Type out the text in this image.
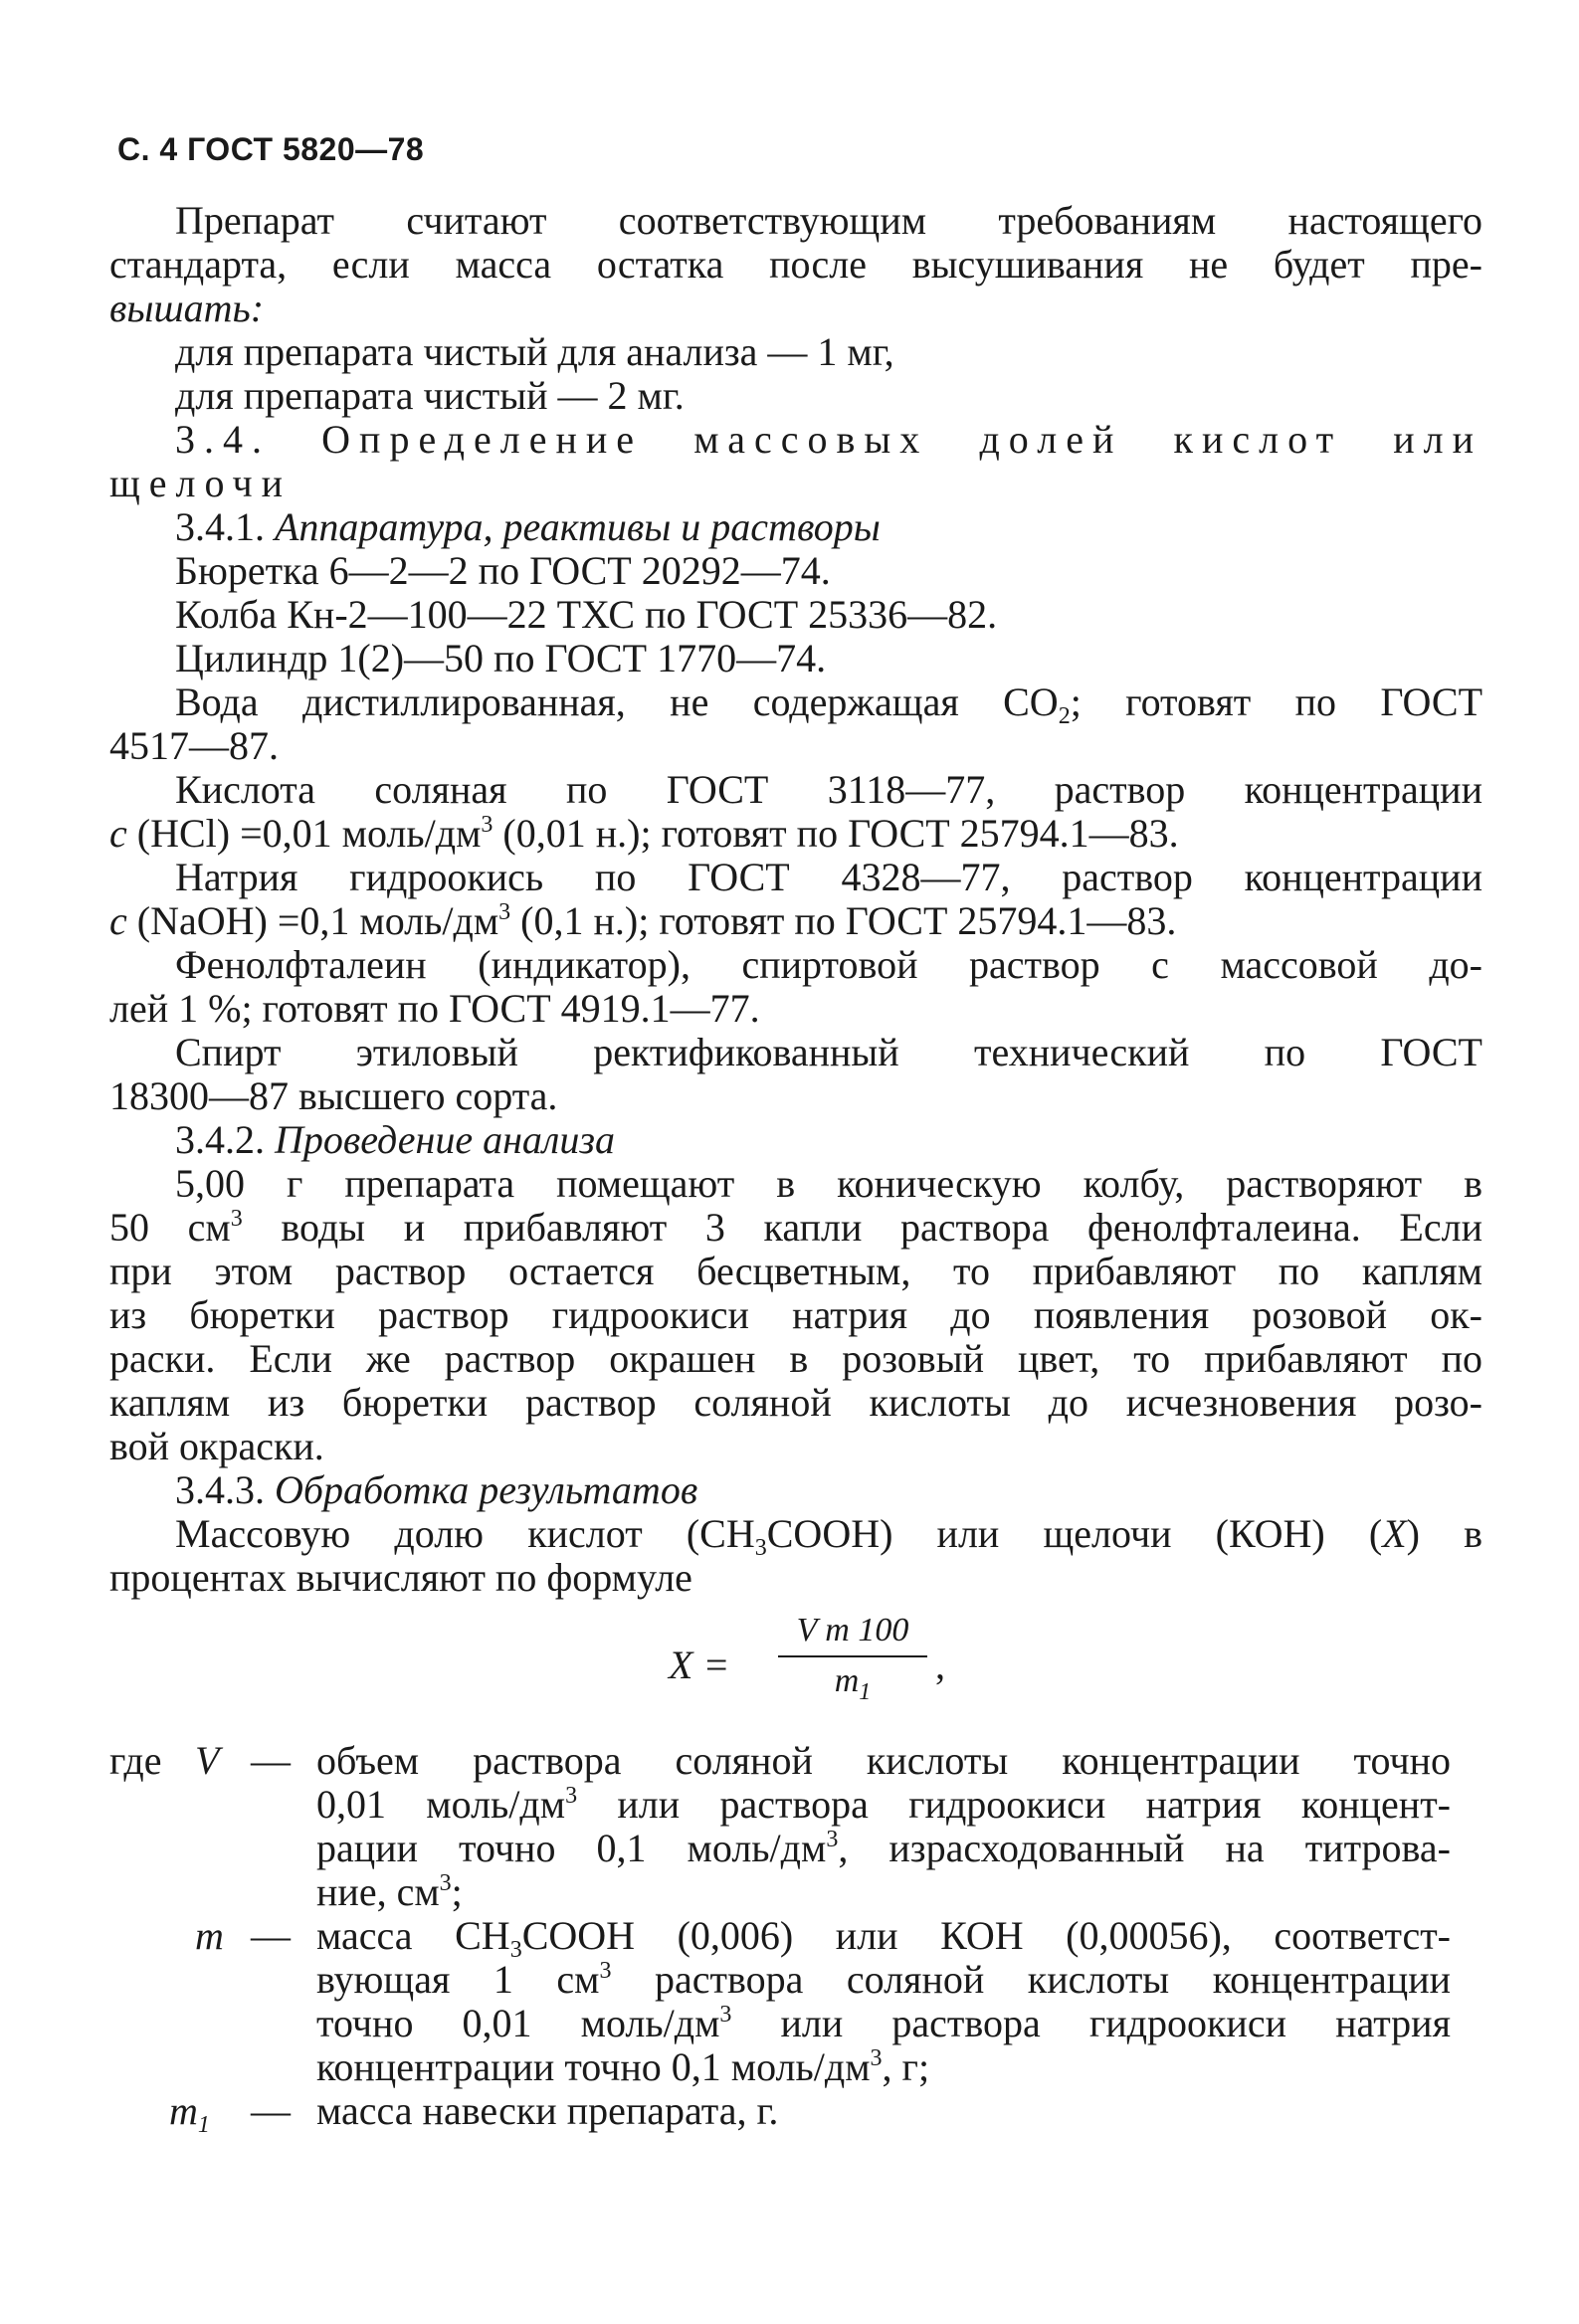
С. 4 ГОСТ 5820—78
Препарат считают соответствующим требованиям настоящего
стандарта, если масса остатка после высушивания не будет пре-
вышать:
для препарата чистый для анализа — 1 мг,
для препарата чистый — 2 мг.
3.4. Определение массовых долей кислот или
щелочи
3.4.1. Аппаратура, реактивы и растворы
Бюретка 6—2—2 по ГОСТ 20292—74.
Колба Кн-2—100—22 ТХС по ГОСТ 25336—82.
Цилиндр 1(2)—50 по ГОСТ 1770—74.
Вода дистиллированная, не содержащая $СО_2$; готовят по ГОСТ
4517—87.
Кислота соляная по ГОСТ 3118—77, раствор концентрации
c (HCl) =0,01 моль/$дм^3$ (0,01 н.); готовят по ГОСТ 25794.1—83.
Натрия гидроокись по ГОСТ 4328—77, раствор концентрации
c (NaOH) =0,1 моль/$дм^3$ (0,1 н.); готовят по ГОСТ 25794.1—83.
Фенолфталеин (индикатор), спиртовой раствор с массовой до-
лей 1 %; готовят по ГОСТ 4919.1—77.
Спирт этиловый ректификованный технический по ГОСТ
18300—87 высшего сорта.
3.4.2. Проведение анализа
5,00 г препарата помещают в коническую колбу, растворяют в
50 $см^3$ воды и прибавляют 3 капли раствора фенолфталеина. Если
при этом раствор остается бесцветным, то прибавляют по каплям
из бюретки раствор гидроокиси натрия до появления розовой ок-
раски. Если же раствор окрашен в розовый цвет, то прибавляют по
каплям из бюретки раствор соляной кислоты до исчезновения розо-
вой окраски.
3.4.3. Обработка результатов
Массовую долю кислот $(CH_3COOH)$ или щелочи (КОН) (X) в
процентах вычисляют по формуле
X =
V m 100
$m_1$
,
где V — объем раствора соляной кислоты концентрации точно
0,01 моль/$дм^3$ или раствора гидроокиси натрия концент-
рации точно 0,1 моль/$дм^3$, израсходованный на титрова-
ние, $см^3$;
m — масса $CH_3COOH$ (0,006) или КОН (0,00056), соответст-
вующая 1 $см^3$ раствора соляной кислоты концентрации
точно 0,01 моль/$дм^3$ или раствора гидроокиси натрия
концентрации точно 0,1 моль/$дм^3$, г;
$m_1$ — масса навески препарата, г.
